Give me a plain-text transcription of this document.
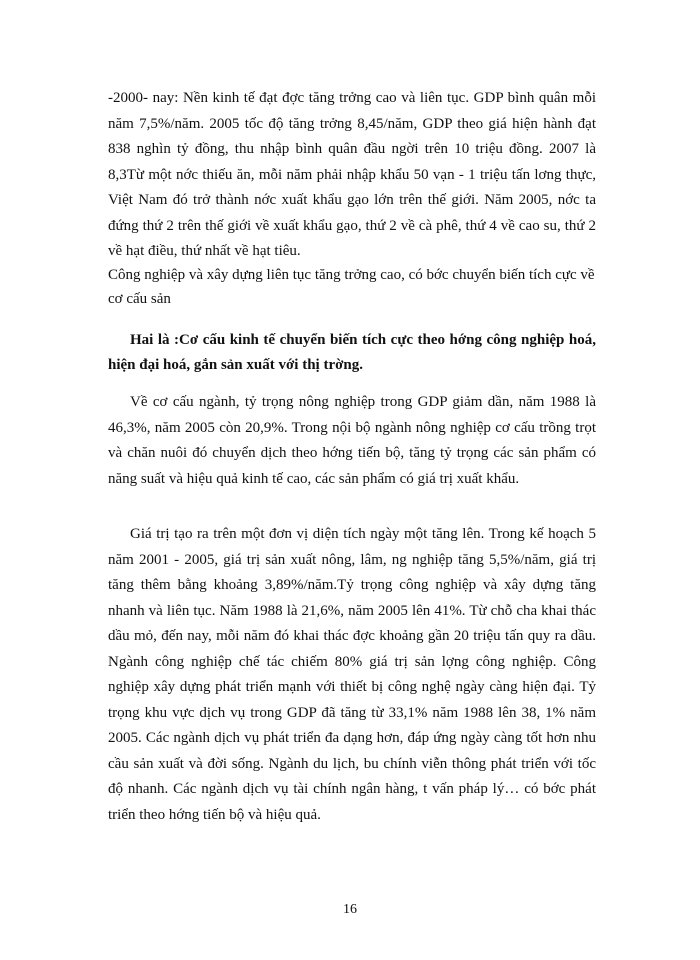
-2000- nay: Nền kinh tế đạt đợc tăng trởng cao và liên tục. GDP bình quân mỗi năm 7,5%/năm. 2005 tốc độ tăng trởng 8,45/năm, GDP theo giá hiện hành đạt 838 nghìn tỷ đồng, thu nhập bình quân đầu ngời trên 10 triệu đồng. 2007 là 8,3Từ một nớc thiếu ăn, mỗi năm phải nhập khẩu 50 vạn - 1 triệu tấn lơng thực, Việt Nam đó trở thành nớc xuất khẩu gạo lớn trên thế giới. Năm 2005, nớc ta đứng thứ 2 trên thế giới về xuất khẩu gạo, thứ 2 về cà phê, thứ 4 về cao su, thứ 2 về hạt điều, thứ nhất về hạt tiêu.

Công nghiệp và xây dựng liên tục tăng trởng cao, có bớc chuyển biến tích cực về cơ cấu sản

Hai là :Cơ cấu kinh tế chuyển biến tích cực theo hớng công nghiệp hoá, hiện đại hoá, gắn sản xuất với thị trờng.

Về cơ cấu ngành, tỷ trọng nông nghiệp trong GDP giảm dần, năm 1988 là 46,3%, năm 2005 còn 20,9%. Trong nội bộ ngành nông nghiệp cơ cấu trồng trọt và chăn nuôi đó chuyển dịch theo hớng tiến bộ, tăng tỷ trọng các sản phẩm có năng suất và hiệu quả kinh tế cao, các sản phẩm có giá trị xuất khẩu.

Giá trị tạo ra trên một đơn vị diện tích ngày một tăng lên. Trong kế hoạch 5 năm 2001 - 2005, giá trị sản xuất nông, lâm, ng nghiệp tăng 5,5%/năm, giá trị tăng thêm bằng khoảng 3,89%/năm.Tỷ trọng công nghiệp và xây dựng tăng nhanh và liên tục. Năm 1988 là 21,6%, năm 2005 lên 41%. Từ chỗ cha khai thác dầu mỏ, đến nay, mỗi năm đó khai thác đợc khoảng gần 20 triệu tấn quy ra dầu. Ngành công nghiệp chế tác chiếm 80% giá trị sản lợng công nghiệp. Công nghiệp xây dựng phát triển mạnh với thiết bị công nghệ ngày càng hiện đại. Tỷ trọng khu vực dịch vụ trong GDP đã tăng từ 33,1% năm 1988 lên 38, 1% năm 2005. Các ngành dịch vụ phát triển đa dạng hơn, đáp ứng ngày càng tốt hơn nhu cầu sản xuất và đời sống. Ngành du lịch, bu chính viễn thông phát triển với tốc độ nhanh. Các ngành dịch vụ tài chính ngân hàng, t vấn pháp lý… có bớc phát triển theo hớng tiến bộ và hiệu quả.

16
